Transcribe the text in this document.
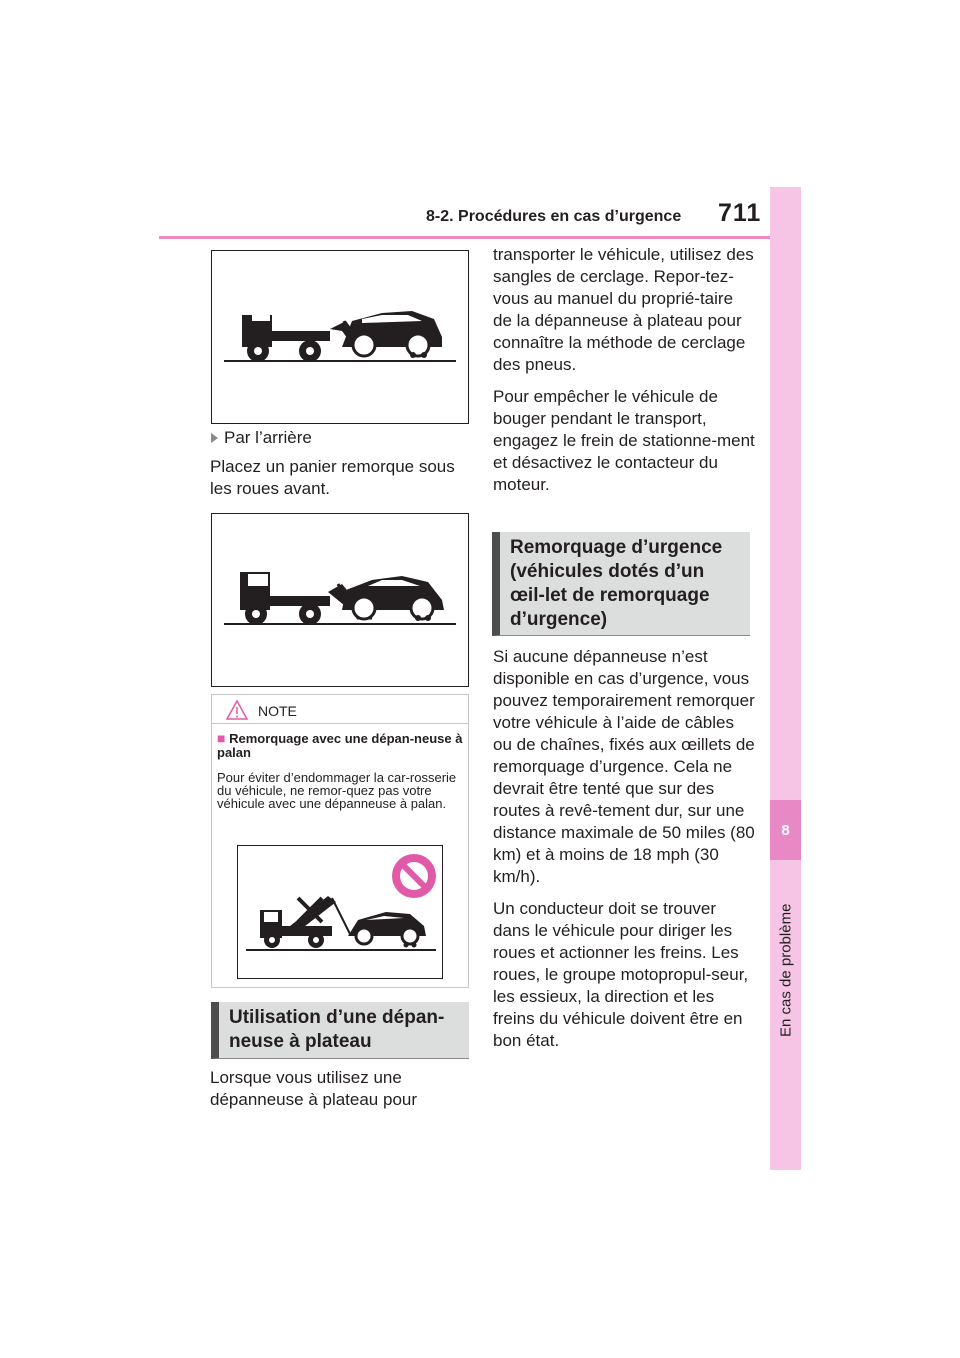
8-2. Procédures en cas d’urgence 711
8
En cas de problème
Par l’arrière
Placez un panier remorque sous les roues avant.
NOTE
■ Remorquage avec une dépan-neuse à palan
Pour éviter d’endommager la car-rosserie du véhicule, ne remor-quez pas votre véhicule avec une dépanneuse à palan.
Utilisation d’une dépan-neuse à plateau
Lorsque vous utilisez une dépanneuse à plateau pour

transporter le véhicule, utilisez des sangles de cerclage. Repor-tez-vous au manuel du proprié-taire de la dépanneuse à plateau pour connaître la méthode de cerclage des pneus.

Pour empêcher le véhicule de bouger pendant le transport, engagez le frein de stationne-ment et désactivez le contacteur du moteur.

Remorquage d’urgence (véhicules dotés d’un œil-let de remorquage d’urgence)

Si aucune dépanneuse n’est disponible en cas d’urgence, vous pouvez temporairement remorquer votre véhicule à l’aide de câbles ou de chaînes, fixés aux œillets de remorquage d’urgence. Cela ne devrait être tenté que sur des routes à revê-tement dur, sur une distance maximale de 50 miles (80 km) et à moins de 18 mph (30 km/h).

Un conducteur doit se trouver dans le véhicule pour diriger les roues et actionner les freins. Les roues, le groupe motopropul-seur, les essieux, la direction et les freins du véhicule doivent être en bon état.
